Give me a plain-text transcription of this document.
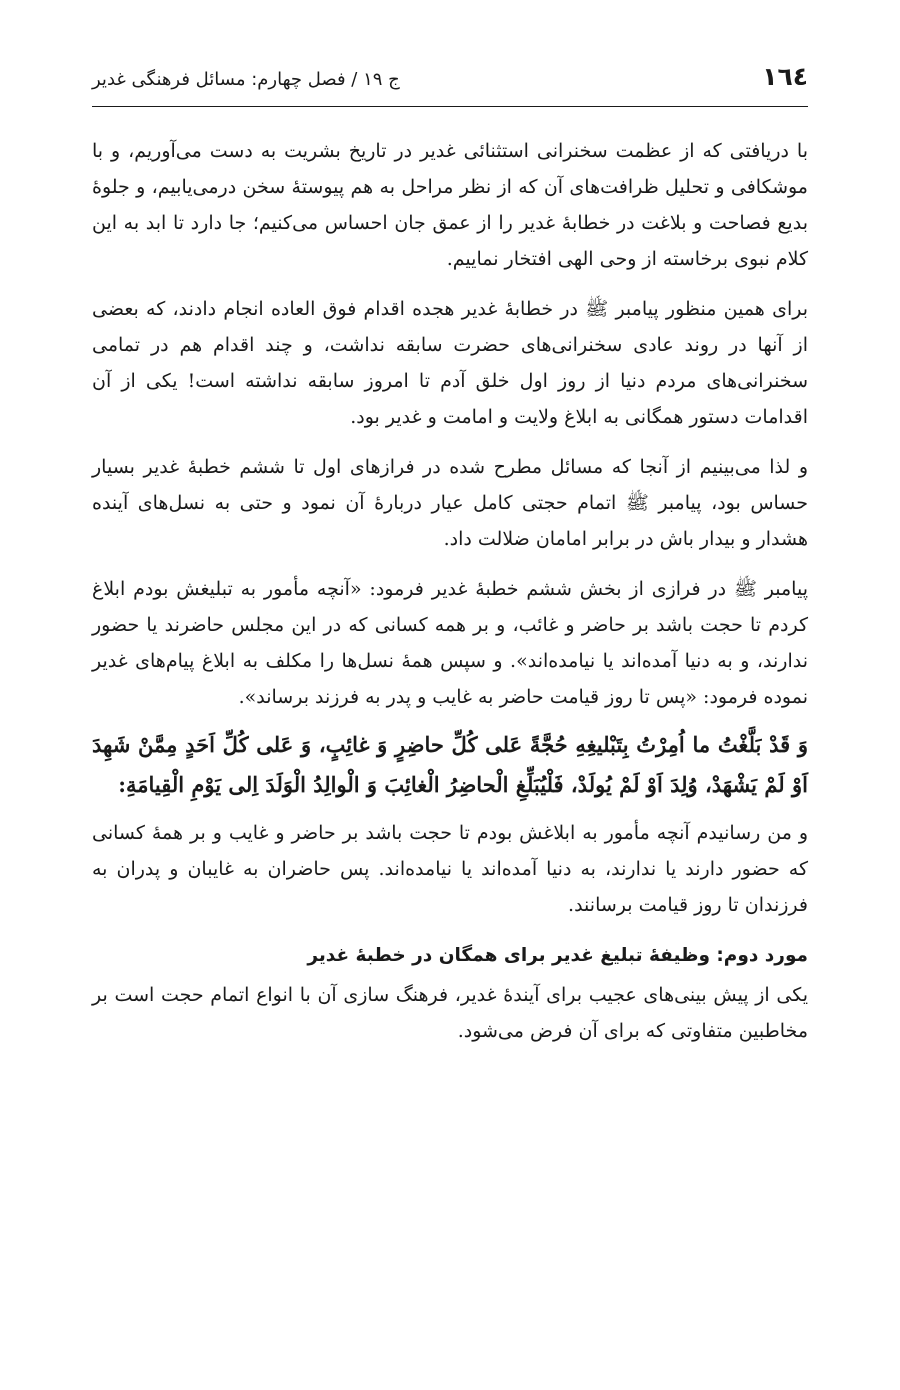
١٦٤
ج ١٩ / فصل چهارم: مسائل فرهنگی غدیر

با دریافتی که از عظمت سخنرانی استثنائی غدیر در تاریخ بشریت به دست می‌آوریم، و با موشکافی و تحلیل ظرافت‌های آن که از نظر مراحل به هم پیوستهٔ سخن درمی‌یابیم، و جلوهٔ بدیع فصاحت و بلاغت در خطابهٔ غدیر را از عمق جان احساس می‌کنیم؛ جا دارد تا ابد به این کلام نبوی برخاسته از وحی الهی افتخار نماییم.

برای همین منظور پیامبر ﷺ در خطابهٔ غدیر هجده اقدام فوق العاده انجام دادند، که بعضی از آنها در روند عادی سخنرانی‌های حضرت سابقه نداشت، و چند اقدام هم در تمامی سخنرانی‌های مردم دنیا از روز اول خلق آدم تا امروز سابقه نداشته است! یکی از آن اقدامات دستور همگانی به ابلاغ ولایت و امامت و غدیر بود.

و لذا می‌بینیم از آنجا که مسائل مطرح شده در فرازهای اول تا ششم خطبهٔ غدیر بسیار حساس بود، پیامبر ﷺ اتمام حجتی کامل عیار دربارهٔ آن نمود و حتی به نسل‌های آینده هشدار و بیدار باش در برابر امامان ضلالت داد.

پیامبر ﷺ در فرازی از بخش ششم خطبهٔ غدیر فرمود: «آنچه مأمور به تبلیغش بودم ابلاغ کردم تا حجت باشد بر حاضر و غائب، و بر همه کسانی که در این مجلس حاضرند یا حضور ندارند، و به دنیا آمده‌اند یا نیامده‌اند». و سپس همهٔ نسل‌ها را مکلف به ابلاغ پیام‌های غدیر نموده فرمود: «پس تا روز قیامت حاضر به غایب و پدر به فرزند برساند».

وَ قَدْ بَلَّغْتُ ما اُمِرْتُ بِتَبْليغِهِ حُجَّةً عَلى كُلِّ حاضِرٍ وَ غائِبٍ، وَ عَلى كُلِّ اَحَدٍ مِمَّنْ شَهِدَ اَوْ لَمْ يَشْهَدْ، وُلِدَ اَوْ لَمْ يُولَدْ، فَلْيُبَلِّغِ الْحاضِرُ الْغائِبَ وَ الْوالِدُ الْوَلَدَ اِلى يَوْمِ الْقِيامَةِ:

و من رسانیدم آنچه مأمور به ابلاغش بودم تا حجت باشد بر حاضر و غایب و بر همهٔ کسانی که حضور دارند یا ندارند، به دنیا آمده‌اند یا نیامده‌اند. پس حاضران به غایبان و پدران به فرزندان تا روز قیامت برسانند.

مورد دوم: وظیفهٔ تبلیغ غدیر برای همگان در خطبهٔ غدیر

یکی از پیش بینی‌های عجیب برای آیندهٔ غدیر، فرهنگ سازی آن با انواع اتمام حجت است بر مخاطبین متفاوتی که برای آن فرض می‌شود.
